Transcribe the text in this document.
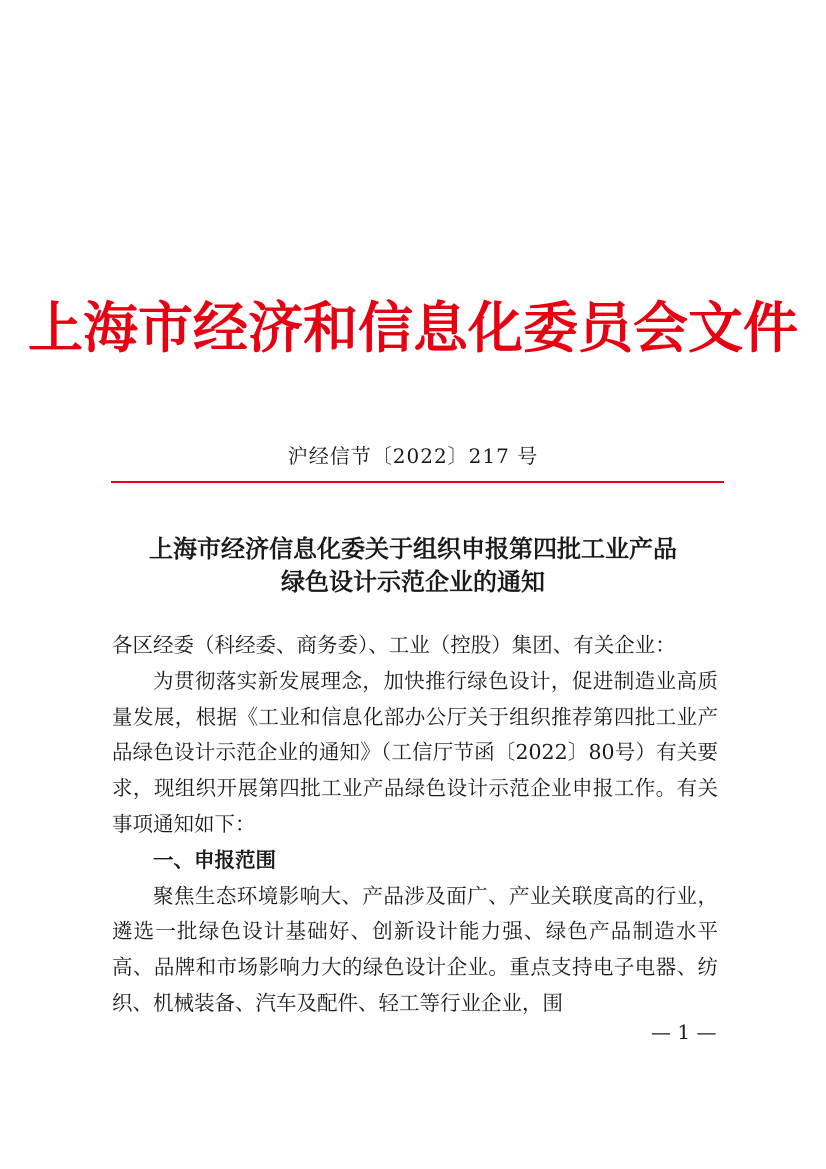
上海市经济和信息化委员会文件
沪经信节〔2022〕217 号
上海市经济信息化委关于组织申报第四批工业产品
绿色设计示范企业的通知

各区经委（科经委、商务委）、工业（控股）集团、有关企业：

为贯彻落实新发展理念，加快推行绿色设计，促进制造业高质量发展，根据《工业和信息化部办公厅关于组织推荐第四批工业产品绿色设计示范企业的通知》（工信厅节函〔2022〕80号）有关要求，现组织开展第四批工业产品绿色设计示范企业申报工作。有关事项通知如下：

一、申报范围

聚焦生态环境影响大、产品涉及面广、产业关联度高的行业，遴选一批绿色设计基础好、创新设计能力强、绿色产品制造水平高、品牌和市场影响力大的绿色设计企业。重点支持电子电器、纺织、机械装备、汽车及配件、轻工等行业企业，围

— 1 —
